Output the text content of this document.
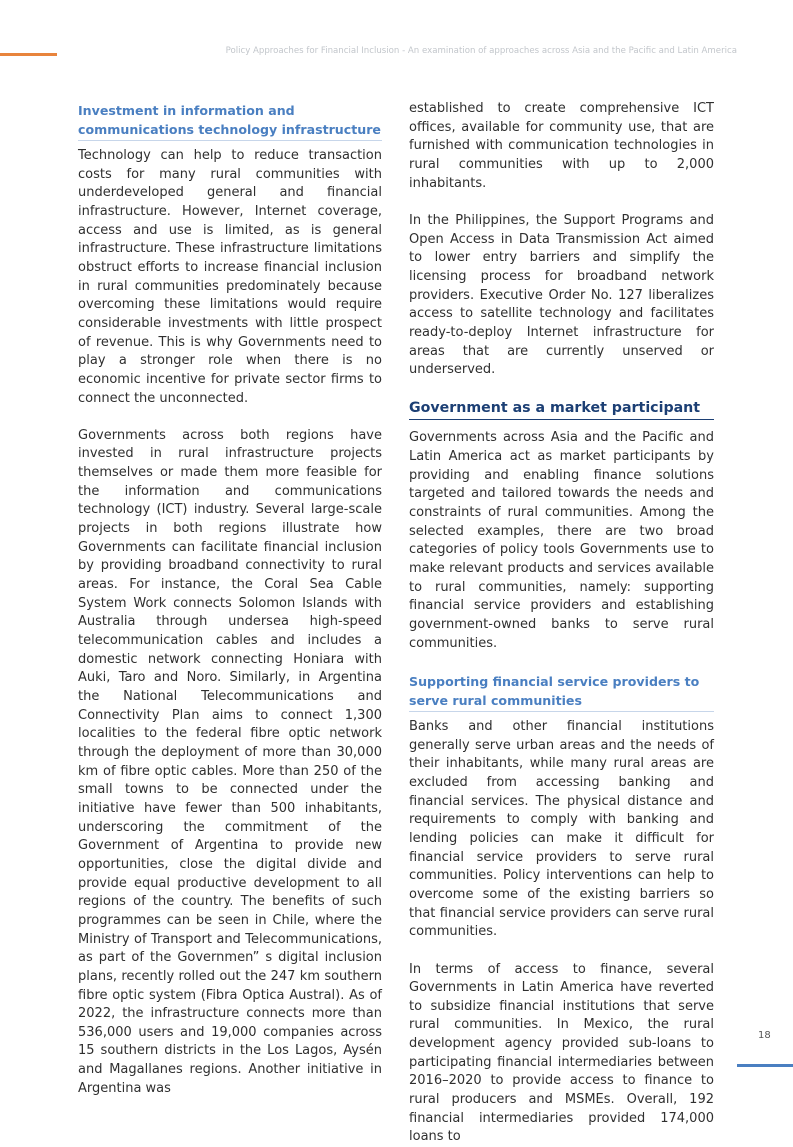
Policy Approaches for Financial Inclusion - An examination of approaches across Asia and the Pacific and Latin America
Investment in information and communications technology infrastructure

Technology can help to reduce transaction costs for many rural communities with underdeveloped general and financial infrastructure. However, Internet coverage, access and use is limited, as is general infrastructure. These infrastructure limitations obstruct efforts to increase financial inclusion in rural communities predominately because overcoming these limitations would require considerable investments with little prospect of revenue. This is why Governments need to play a stronger role when there is no economic incentive for private sector firms to connect the unconnected.

Governments across both regions have invested in rural infrastructure projects themselves or made them more feasible for the information and communications technology (ICT) industry. Several large-scale projects in both regions illustrate how Governments can facilitate financial inclusion by providing broadband connectivity to rural areas. For instance, the Coral Sea Cable System Work connects Solomon Islands with Australia through undersea high-speed telecommunication cables and includes a domestic network connecting Honiara with Auki, Taro and Noro. Similarly, in Argentina the National Telecommunications and Connectivity Plan aims to connect 1,300 localities to the federal fibre optic network through the deployment of more than 30,000 km of fibre optic cables. More than 250 of the small towns to be connected under the initiative have fewer than 500 inhabitants, underscoring the commitment of the Government of Argentina to provide new opportunities, close the digital divide and provide equal productive development to all regions of the country. The benefits of such programmes can be seen in Chile, where the Ministry of Transport and Telecommunications, as part of the Governmen” s digital inclusion plans, recently rolled out the 247 km southern fibre optic system (Fibra Optica Austral). As of 2022, the infrastructure connects more than 536,000 users and 19,000 companies across 15 southern districts in the Los Lagos, Aysén and Magallanes regions. Another initiative in Argentina was

established to create comprehensive ICT offices, available for community use, that are furnished with communication technologies in rural communities with up to 2,000 inhabitants.

In the Philippines, the Support Programs and Open Access in Data Transmission Act aimed to lower entry barriers and simplify the licensing process for broadband network providers. Executive Order No. 127 liberalizes access to satellite technology and facilitates ready-to-deploy Internet infrastructure for areas that are currently unserved or underserved.

Government as a market participant

Governments across Asia and the Pacific and Latin America act as market participants by providing and enabling finance solutions targeted and tailored towards the needs and constraints of rural communities. Among the selected examples, there are two broad categories of policy tools Governments use to make relevant products and services available to rural communities, namely: supporting financial service providers and establishing government-owned banks to serve rural communities.

Supporting financial service providers to serve rural communities

Banks and other financial institutions generally serve urban areas and the needs of their inhabitants, while many rural areas are excluded from accessing banking and financial services. The physical distance and requirements to comply with banking and lending policies can make it difficult for financial service providers to serve rural communities. Policy interventions can help to overcome some of the existing barriers so that financial service providers can serve rural communities.

In terms of access to finance, several Governments in Latin America have reverted to subsidize financial institutions that serve rural communities. In Mexico, the rural development agency provided sub-loans to participating financial intermediaries between 2016–2020 to provide access to finance to rural producers and MSMEs. Overall, 192 financial intermediaries provided 174,000 loans to

18
